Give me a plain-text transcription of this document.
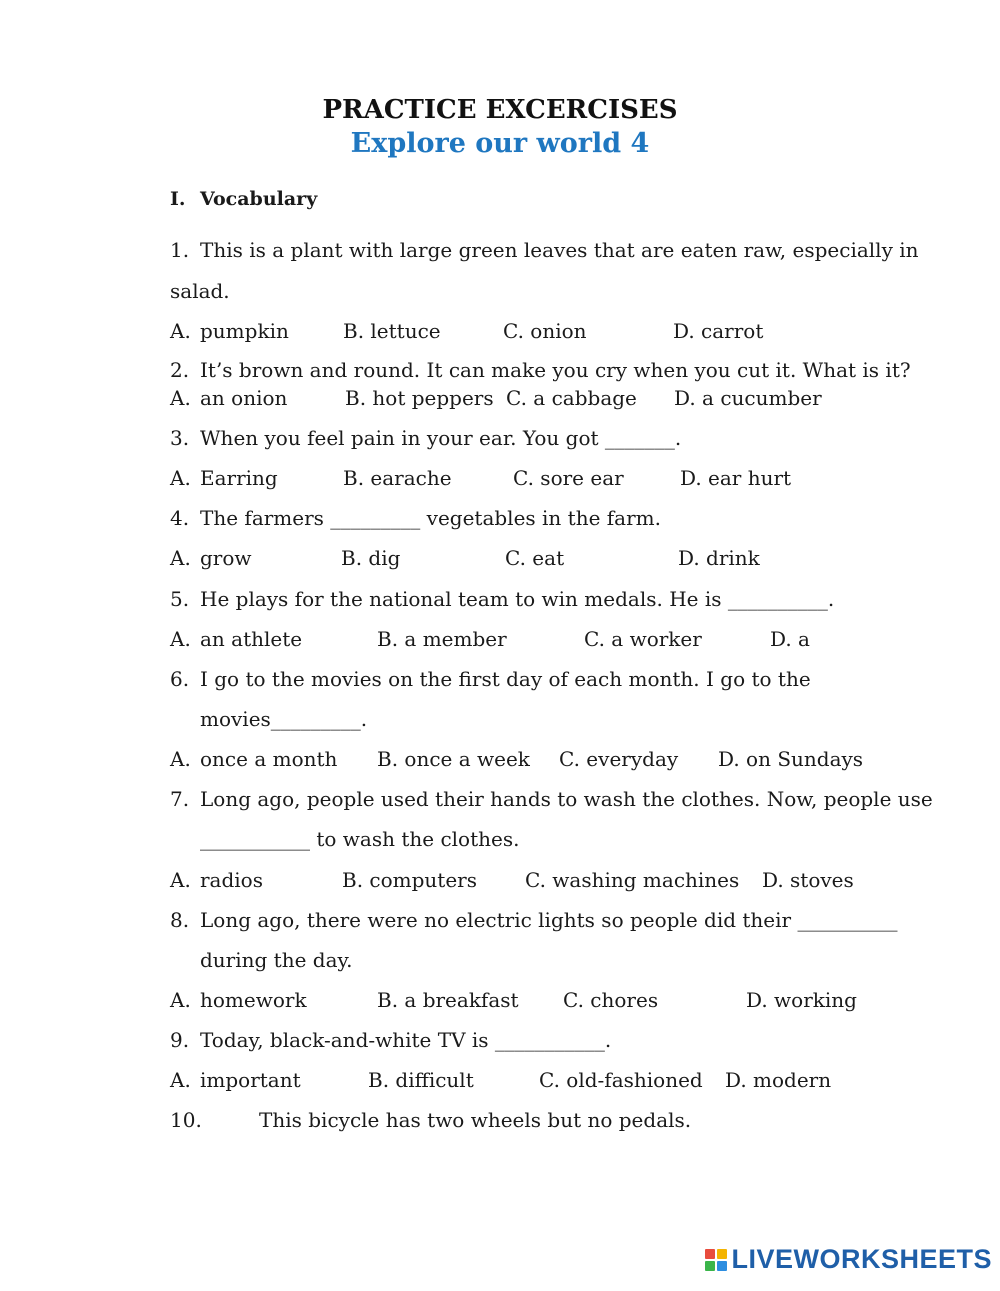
PRACTICE EXCERCISES
Explore our world 4
I. Vocabulary
1. This is a plant with large green leaves that are eaten raw, especially in
salad.
A. pumpkin	B. lettuce	C. onion	D. carrot
2. It’s brown and round. It can make you cry when you cut it. What is it?
A. an onion	B. hot peppers C. a cabbage D. a cucumber
3. When you feel pain in your ear. You got _______.
A. Earring	B. earache	C. sore ear	D. ear hurt
4. The farmers _________ vegetables in the farm.
A. grow	B. dig	C. eat	D. drink
5. He plays for the national team to win medals. He is __________.
A. an athlete	B. a member	C. a worker	D. a
6. I go to the movies on the first day of each month. I go to the
movies_________.
A. once a month B. once a week C. everyday D. on Sundays
7. Long ago, people used their hands to wash the clothes. Now, people use
___________ to wash the clothes.
A. radios	B. computers C. washing machines D. stoves
8. Long ago, there were no electric lights so people did their __________
during the day.
A. homework	B. a breakfast C. chores	D. working
9. Today, black-and-white TV is ___________.
A. important	B. difficult	C. old-fashioned D. modern
10.	This bicycle has two wheels but no pedals.
LIVEWORKSHEETS
